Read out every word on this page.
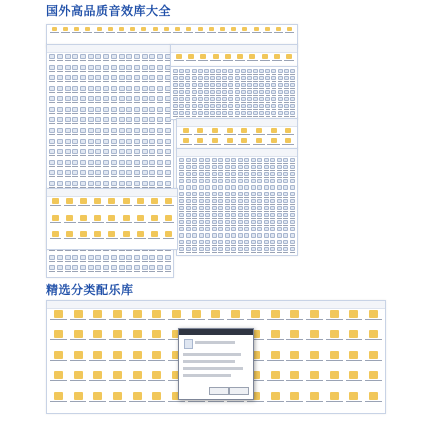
国外高品质音效库大全
精选分类配乐库
